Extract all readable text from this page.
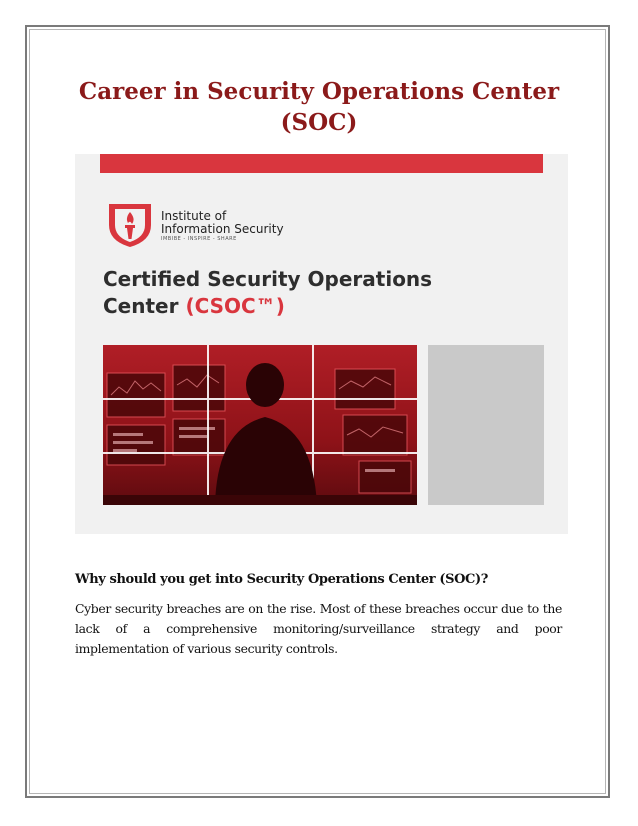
Career in Security Operations Center (SOC)
Institute of
Information Security
IMBIBE - INSPIRE - SHARE
Certified Security Operations
Center (CSOC™)
Why should you get into Security Operations Center (SOC)?

Cyber security breaches are on the rise. Most of these breaches occur due to the lack of a comprehensive monitoring/surveillance strategy and poor implementation of various security controls.
